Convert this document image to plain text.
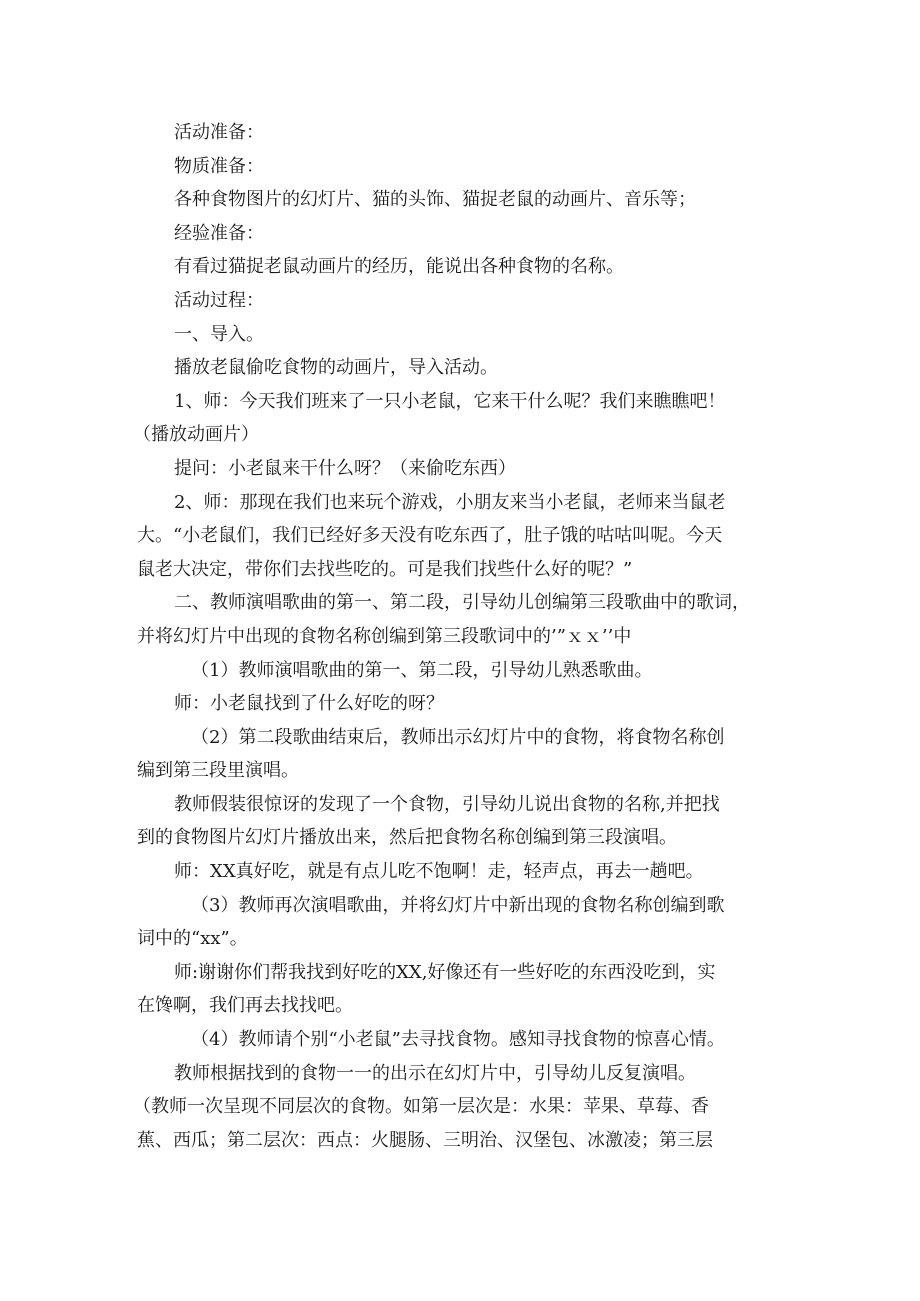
活动准备：
物质准备：
各种食物图片的幻灯片、猫的头饰、猫捉老鼠的动画片、音乐等；
经验准备：
有看过猫捉老鼠动画片的经历，能说出各种食物的名称。
活动过程：
一、导入。
播放老鼠偷吃食物的动画片，导入活动。
1、师：今天我们班来了一只小老鼠，它来干什么呢？我们来瞧瞧吧！
（播放动画片）
提问：小老鼠来干什么呀？（来偷吃东西）
2、师：那现在我们也来玩个游戏，小朋友来当小老鼠，老师来当鼠老
大。“小老鼠们，我们已经好多天没有吃东西了，肚子饿的咕咕叫呢。今天
鼠老大决定，带你们去找些吃的。可是我们找些什么好的呢？”
二、教师演唱歌曲的第一、第二段，引导幼儿创编第三段歌曲中的歌词，
并将幻灯片中出现的食物名称创编到第三段歌词中的’”ｘｘ’’中
（1）教师演唱歌曲的第一、第二段，引导幼儿熟悉歌曲。
师：小老鼠找到了什么好吃的呀？
（2）第二段歌曲结束后，教师出示幻灯片中的食物，将食物名称创
编到第三段里演唱。
教师假装很惊讶的发现了一个食物，引导幼儿说出食物的名称,并把找
到的食物图片幻灯片播放出来，然后把食物名称创编到第三段演唱。
师：XX真好吃，就是有点儿吃不饱啊！走，轻声点，再去一趟吧。
（3）教师再次演唱歌曲，并将幻灯片中新出现的食物名称创编到歌
词中的“xx”。
师:谢谢你们帮我找到好吃的XX,好像还有一些好吃的东西没吃到，实
在馋啊，我们再去找找吧。
（4）教师请个别“小老鼠”去寻找食物。感知寻找食物的惊喜心情。
教师根据找到的食物一一的出示在幻灯片中，引导幼儿反复演唱。
（教师一次呈现不同层次的食物。如第一层次是：水果：苹果、草莓、香
蕉、西瓜；第二层次：西点：火腿肠、三明治、汉堡包、冰激凌；第三层
